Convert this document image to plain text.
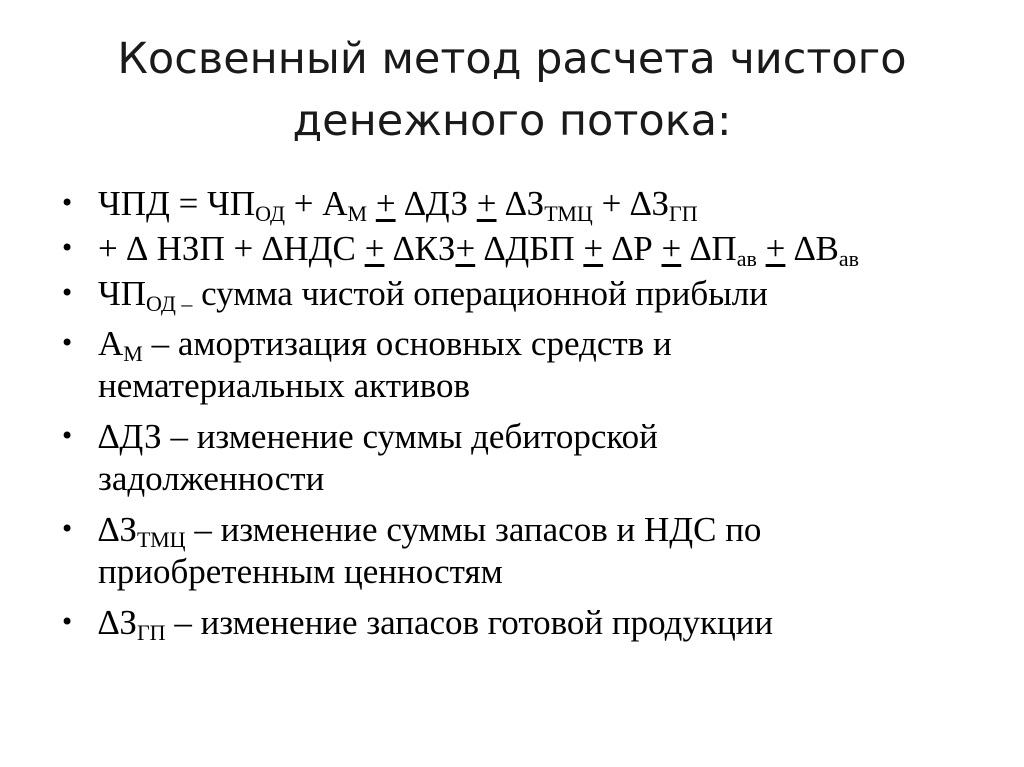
Косвенный метод расчета чистого
денежного потока:
• ЧПД = $ЧП_{ОД} + А_М + \Delta ДЗ + \Delta З_{ТМЦ} + \Delta З_{ГП}$
• + ∆ НЗП + $\Delta НДС + \Delta КЗ+ \Delta ДБП + \Delta Р + \Delta П_{ав} + \Delta В_{ав}$
• $ЧП_{ОД -}$ сумма чистой операционной прибыли
• $А_М$ – амортизация основных средств и
нематериальных активов
• ∆ДЗ – изменение суммы дебиторской
задолженности
• $\Delta З_{ТМЦ}$ – изменение суммы запасов и НДС по
приобретенным ценностям
• $\Delta З_{ГП}$ – изменение запасов готовой продукции
